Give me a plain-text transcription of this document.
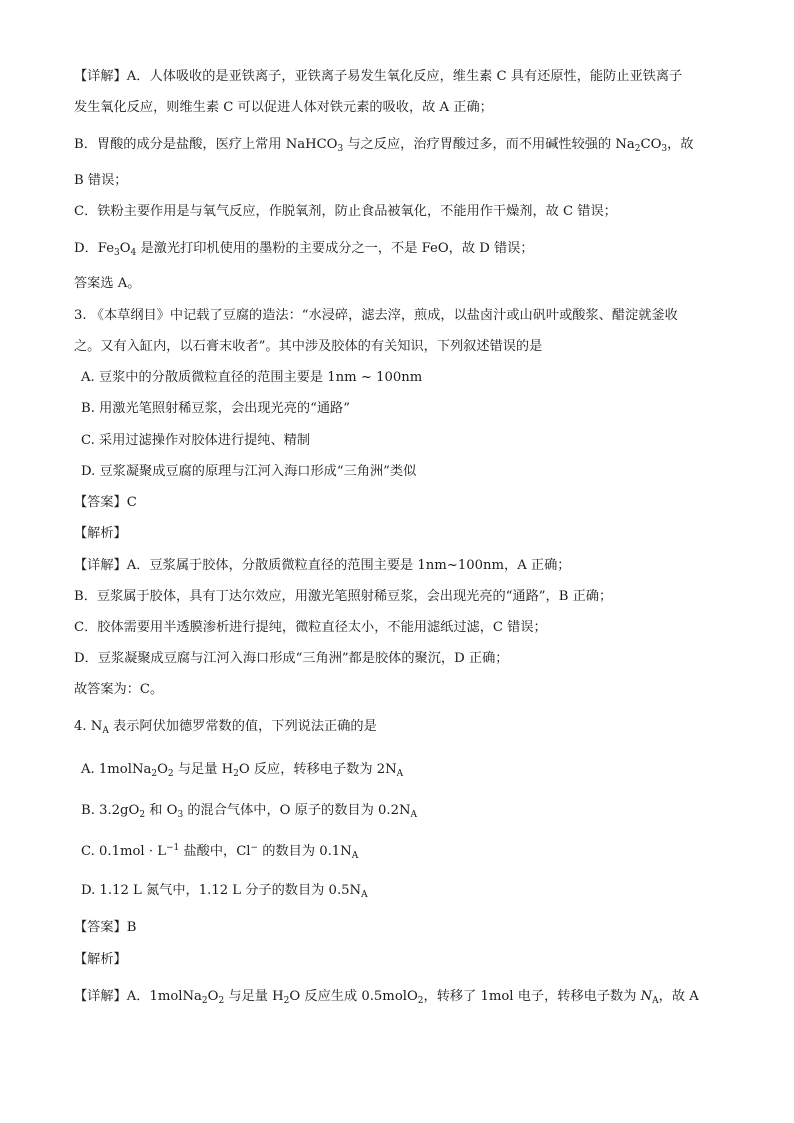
【详解】A．人体吸收的是亚铁离子，亚铁离子易发生氧化反应，维生素 C 具有还原性，能防止亚铁离子
发生氧化反应，则维生素 C 可以促进人体对铁元素的吸收，故 A 正确；
B．胃酸的成分是盐酸，医疗上常用 NaHCO$_3$ 与之反应，治疗胃酸过多，而不用碱性较强的 $Na_2CO_3$，故
B 错误；
C．铁粉主要作用是与氧气反应，作脱氧剂，防止食品被氧化，不能用作干燥剂，故 C 错误；
D．$Fe_3O_4$ 是激光打印机使用的墨粉的主要成分之一，不是 FeO，故 D 错误；
答案选 A。
3. 《本草纲目》中记载了豆腐的造法：“水浸碎，滤去滓，煎成，以盐卤汁或山矾叶或酸浆、醋淀就釜收
之。又有入缸内，以石膏末收者”。其中涉及胶体的有关知识，下列叙述错误的是
A. 豆浆中的分散质微粒直径的范围主要是 1nm ~ 100nm
B. 用激光笔照射稀豆浆，会出现光亮的“通路”
C. 采用过滤操作对胶体进行提纯、精制
D. 豆浆凝聚成豆腐的原理与江河入海口形成“三角洲”类似
【答案】C
【解析】
【详解】A．豆浆属于胶体，分散质微粒直径的范围主要是 1nm~100nm，A 正确；
B．豆浆属于胶体，具有丁达尔效应，用激光笔照射稀豆浆，会出现光亮的“通路”，B 正确；
C．胶体需要用半透膜渗析进行提纯，微粒直径太小，不能用滤纸过滤，C 错误；
D．豆浆凝聚成豆腐与江河入海口形成“三角洲”都是胶体的聚沉，D 正确；
故答案为：C。
4. $N_A$ 表示阿伏加德罗常数的值，下列说法正确的是
A. $1molNa_2O_2$ 与足量 $H_2O$ 反应，转移电子数为 $2N_A$
B. $3.2gO_2$ 和 $O_3$ 的混合气体中，O 原子的数目为 $0.2N_A$
C. $0.1mol \cdot L^{-1}$ 盐酸中，Cl− 的数目为 $0.1N_A$
D. 1.12 L 氮气中，1.12 L 分子的数目为 $0.5N_A$
【答案】B
【解析】
【详解】A．$1molNa_2O_2$ 与足量 $H_2O$ 反应生成 0.5molO$_2$，转移了 1mol 电子，转移电子数为 $N_A$，故 A
